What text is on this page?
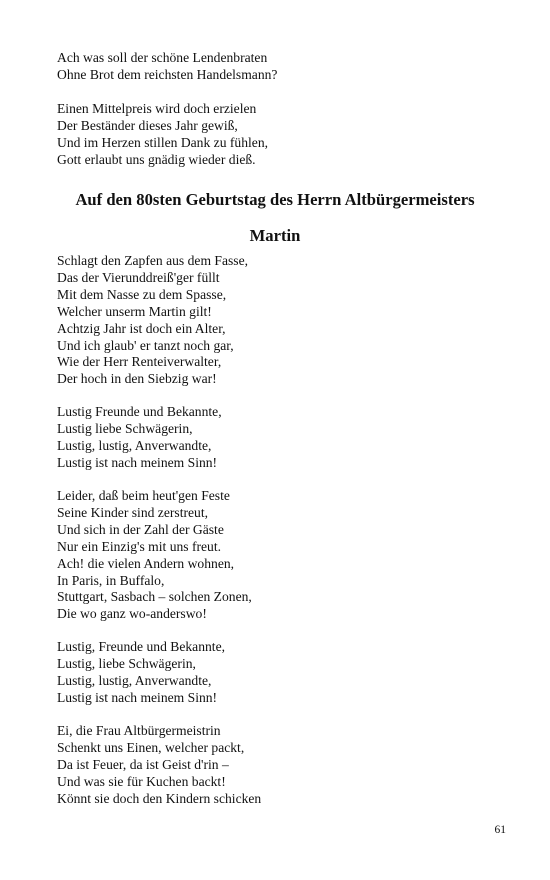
Ach was soll der schöne Lendenbraten
Ohne Brot dem reichsten Handelsmann?
Einen Mittelpreis wird doch erzielen
Der Beständer dieses Jahr gewiß,
Und im Herzen stillen Dank zu fühlen,
Gott erlaubt uns gnädig wieder dieß.
Auf den 80sten Geburtstag des Herrn Altbürgermeisters
Martin
Schlagt den Zapfen aus dem Fasse,
Das der Vierunddreiß'ger füllt
Mit dem Nasse zu dem Spasse,
Welcher unserm Martin gilt!
Achtzig Jahr ist doch ein Alter,
Und ich glaub' er tanzt noch gar,
Wie der Herr Renteiverwalter,
Der hoch in den Siebzig war!
Lustig Freunde und Bekannte,
Lustig liebe Schwägerin,
Lustig, lustig, Anverwandte,
Lustig ist nach meinem Sinn!
Leider, daß beim heut'gen Feste
Seine Kinder sind zerstreut,
Und sich in der Zahl der Gäste
Nur ein Einzig's mit uns freut.
Ach! die vielen Andern wohnen,
In Paris, in Buffalo,
Stuttgart, Sasbach – solchen Zonen,
Die wo ganz wo-anderswo!
Lustig, Freunde und Bekannte,
Lustig, liebe Schwägerin,
Lustig, lustig, Anverwandte,
Lustig ist nach meinem Sinn!
Ei, die Frau Altbürgermeistrin
Schenkt uns Einen, welcher packt,
Da ist Feuer, da ist Geist d'rin –
Und was sie für Kuchen backt!
Könnt sie doch den Kindern schicken
61
